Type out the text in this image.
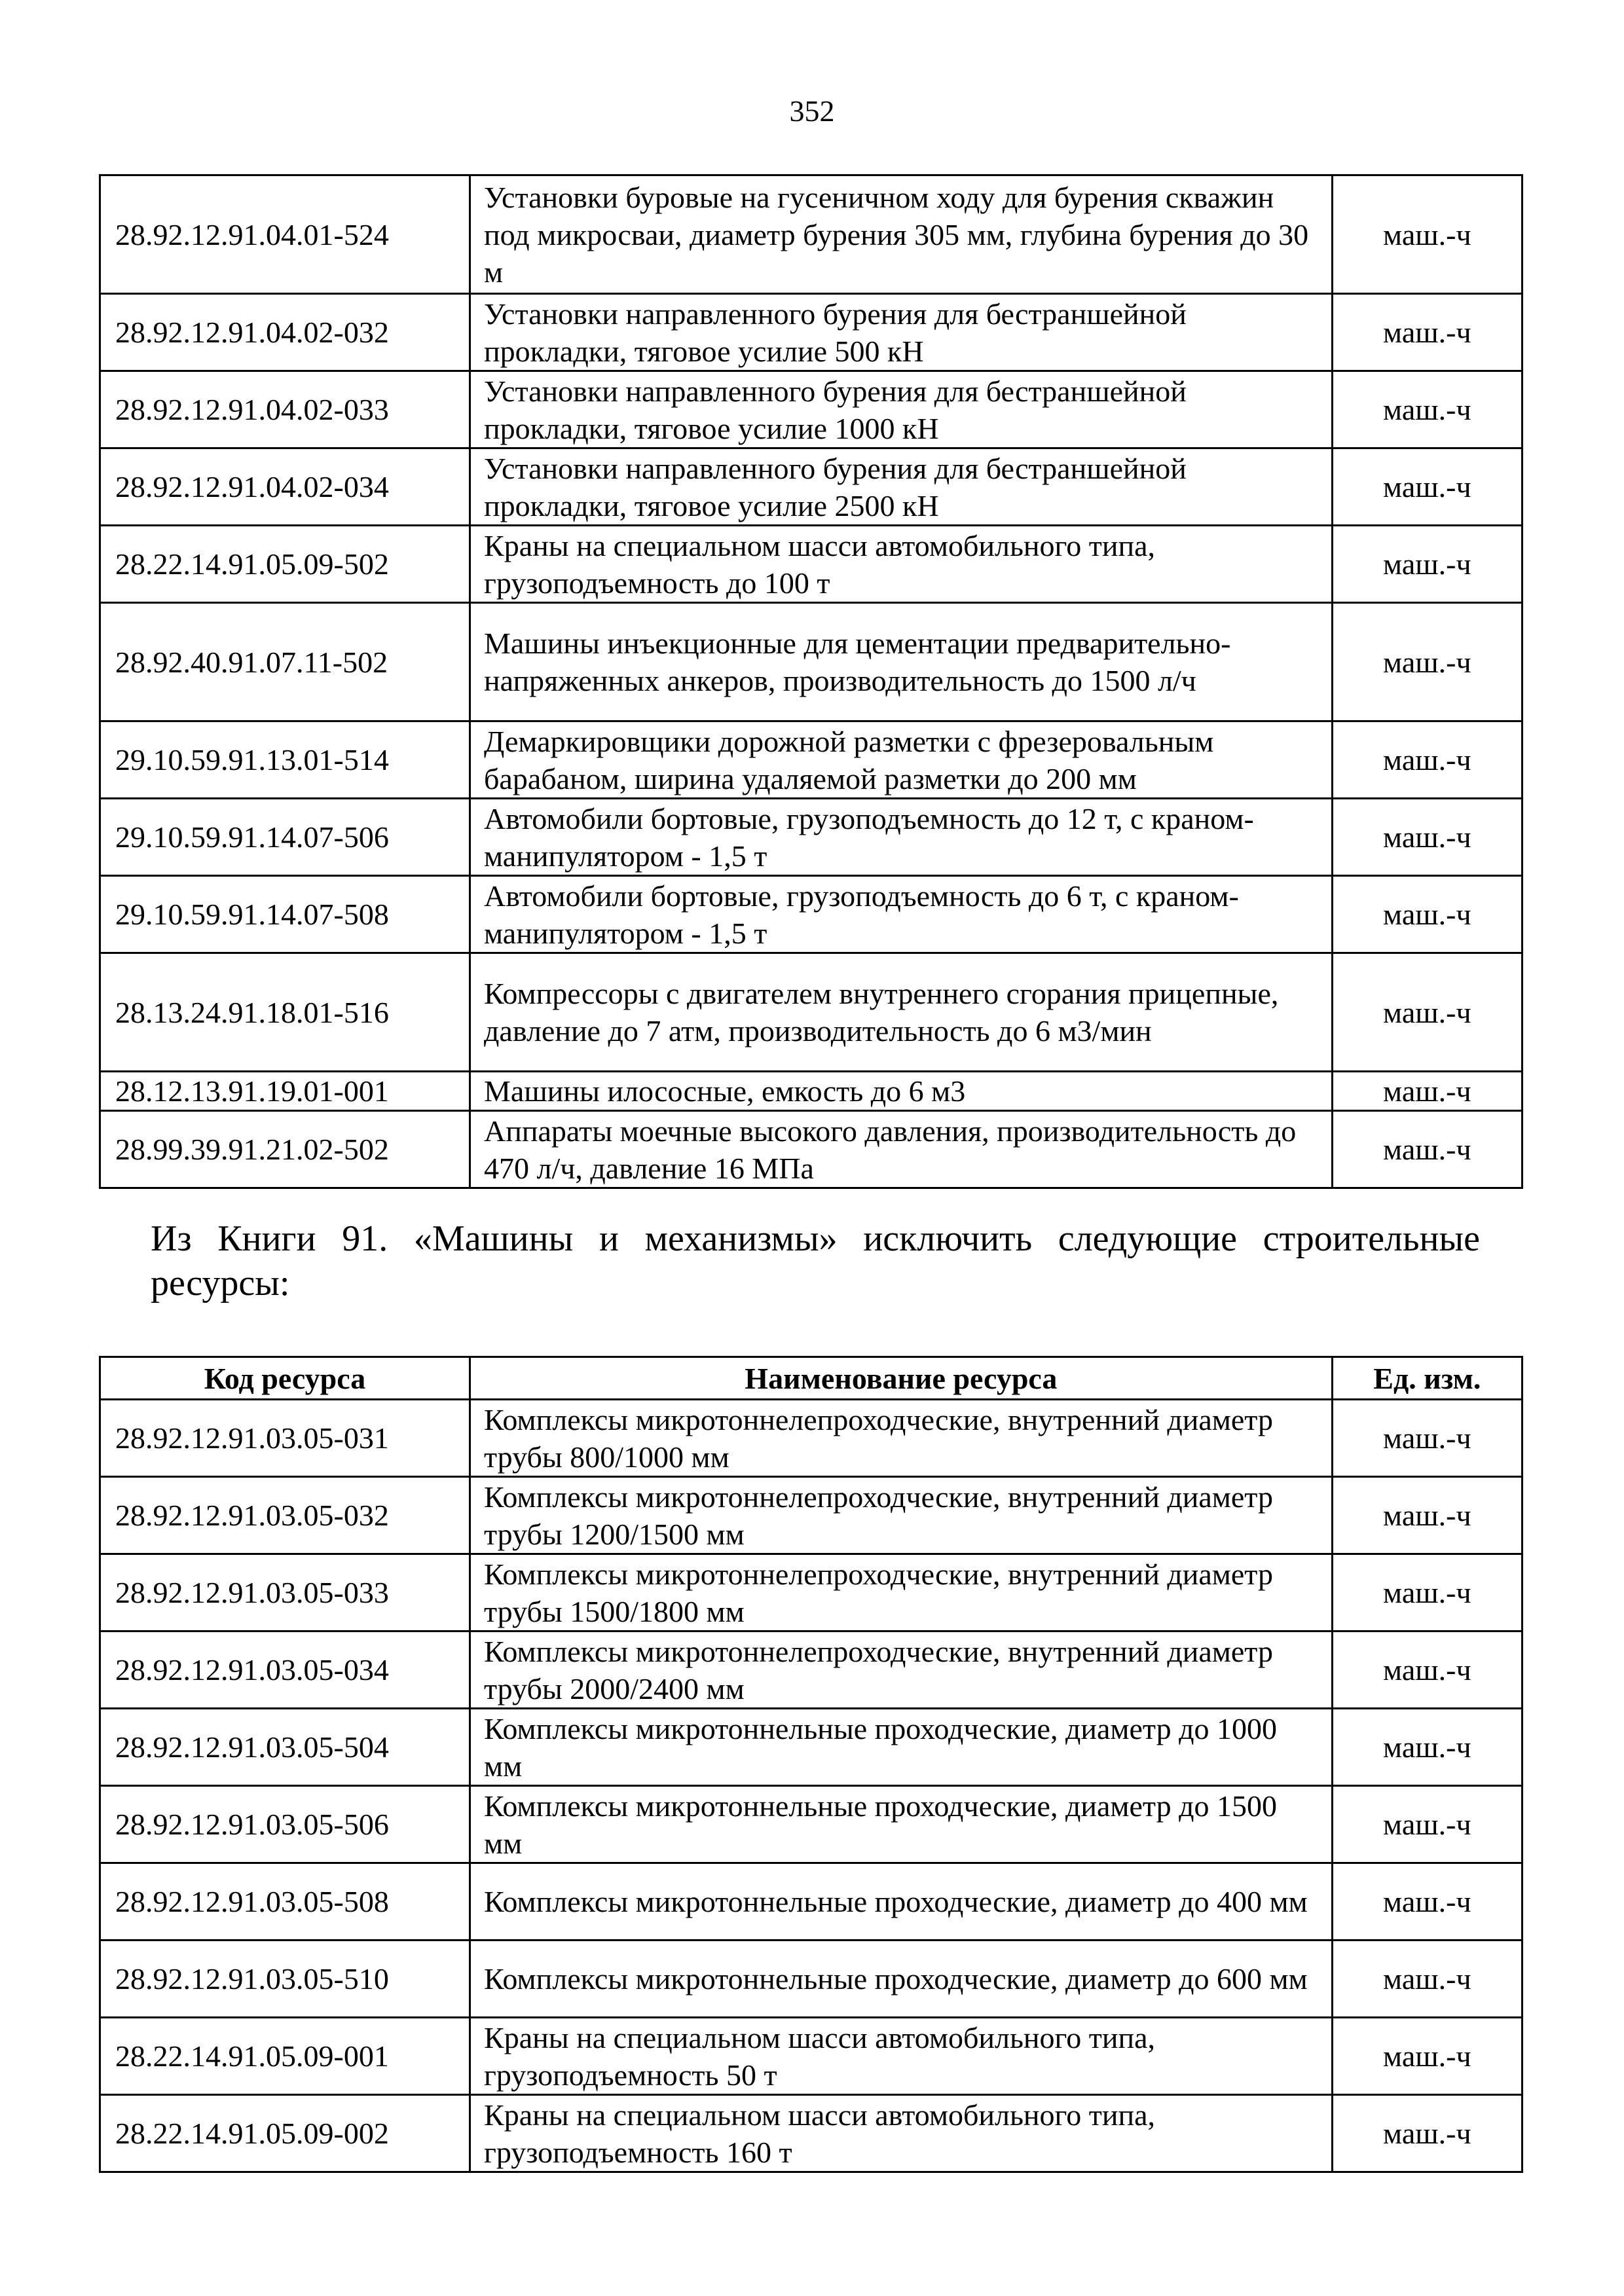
352
28.92.12.91.04.01-524	Установки буровые на гусеничном ходу для бурения скважин под микросваи, диаметр бурения 305 мм, глубина бурения до 30 м	маш.-ч
28.92.12.91.04.02-032	Установки направленного бурения для бестраншейной прокладки, тяговое усилие 500 кН	маш.-ч
28.92.12.91.04.02-033	Установки направленного бурения для бестраншейной прокладки, тяговое усилие 1000 кН	маш.-ч
28.92.12.91.04.02-034	Установки направленного бурения для бестраншейной прокладки, тяговое усилие 2500 кН	маш.-ч
28.22.14.91.05.09-502	Краны на специальном шасси автомобильного типа, грузоподъемность до 100 т	маш.-ч
28.92.40.91.07.11-502	Машины инъекционные для цементации предварительно-напряженных анкеров, производительность до 1500 л/ч	маш.-ч
29.10.59.91.13.01-514	Демаркировщики дорожной разметки с фрезеровальным барабаном, ширина удаляемой разметки до 200 мм	маш.-ч
29.10.59.91.14.07-506	Автомобили бортовые, грузоподъемность до 12 т, с краном-манипулятором - 1,5 т	маш.-ч
29.10.59.91.14.07-508	Автомобили бортовые, грузоподъемность до 6 т, с краном-манипулятором - 1,5 т	маш.-ч
28.13.24.91.18.01-516	Компрессоры с двигателем внутреннего сгорания прицепные, давление до 7 атм, производительность до 6 м3/мин	маш.-ч
28.12.13.91.19.01-001	Машины илососные, емкость до 6 м3	маш.-ч
28.99.39.91.21.02-502	Аппараты моечные высокого давления, производительность до 470 л/ч, давление 16 МПа	маш.-ч
Из Книги 91. «Машины и механизмы» исключить следующие строительные ресурсы:
Код ресурса	Наименование ресурса	Ед. изм.
28.92.12.91.03.05-031	Комплексы микротоннелепроходческие, внутренний диаметр трубы 800/1000 мм	маш.-ч
28.92.12.91.03.05-032	Комплексы микротоннелепроходческие, внутренний диаметр трубы 1200/1500 мм	маш.-ч
28.92.12.91.03.05-033	Комплексы микротоннелепроходческие, внутренний диаметр трубы 1500/1800 мм	маш.-ч
28.92.12.91.03.05-034	Комплексы микротоннелепроходческие, внутренний диаметр трубы 2000/2400 мм	маш.-ч
28.92.12.91.03.05-504	Комплексы микротоннельные проходческие, диаметр до 1000 мм	маш.-ч
28.92.12.91.03.05-506	Комплексы микротоннельные проходческие, диаметр до 1500 мм	маш.-ч
28.92.12.91.03.05-508	Комплексы микротоннельные проходческие, диаметр до 400 мм	маш.-ч
28.92.12.91.03.05-510	Комплексы микротоннельные проходческие, диаметр до 600 мм	маш.-ч
28.22.14.91.05.09-001	Краны на специальном шасси автомобильного типа, грузоподъемность 50 т	маш.-ч
28.22.14.91.05.09-002	Краны на специальном шасси автомобильного типа, грузоподъемность 160 т	маш.-ч
